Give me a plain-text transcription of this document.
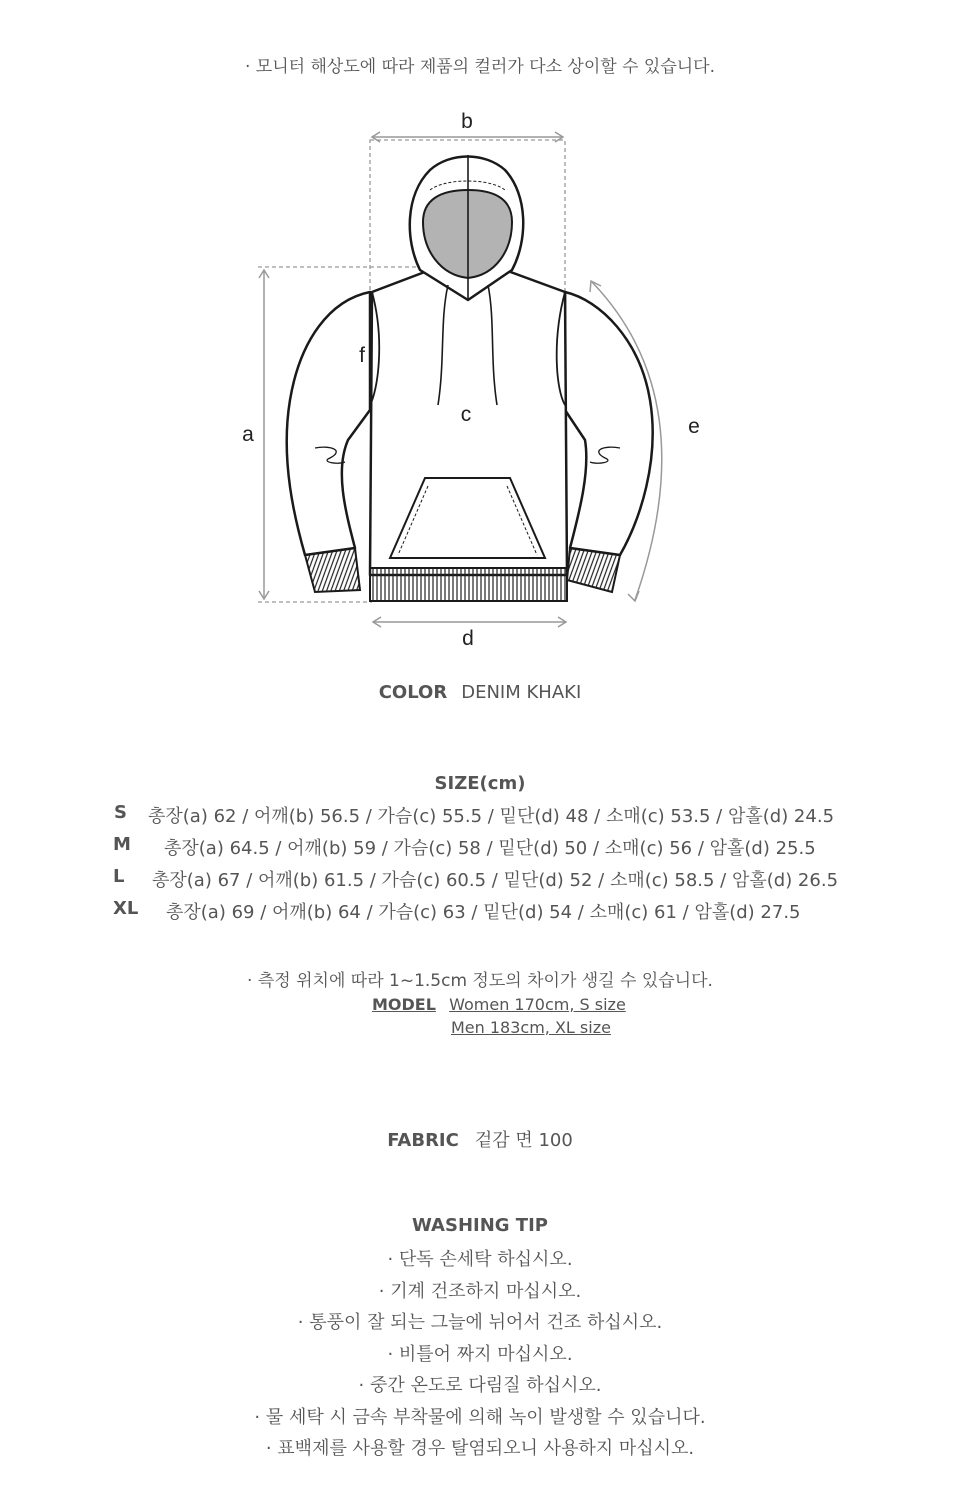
· 모니터 해상도에 따라 제품의 컬러가 다소 상이할 수 있습니다.
b
a
f
c
e
d
COLOR DENIM KHAKI
SIZE(cm)
S 총장(a) 62 / 어깨(b) 56.5 / 가슴(c) 55.5 / 밑단(d) 48 / 소매(c) 53.5 / 암홀(d) 24.5
M 총장(a) 64.5 / 어깨(b) 59 / 가슴(c) 58 / 밑단(d) 50 / 소매(c) 56 / 암홀(d) 25.5
L 총장(a) 67 / 어깨(b) 61.5 / 가슴(c) 60.5 / 밑단(d) 52 / 소매(c) 58.5 / 암홀(d) 26.5
XL 총장(a) 69 / 어깨(b) 64 / 가슴(c) 63 / 밑단(d) 54 / 소매(c) 61 / 암홀(d) 27.5
· 측정 위치에 따라 1~1.5cm 정도의 차이가 생길 수 있습니다.
MODEL Women 170cm, S size
Men 183cm, XL size
FABRIC 겉감 면 100
WASHING TIP
· 단독 손세탁 하십시오.
· 기계 건조하지 마십시오.
· 통풍이 잘 되는 그늘에 뉘어서 건조 하십시오.
· 비틀어 짜지 마십시오.
· 중간 온도로 다림질 하십시오.
· 물 세탁 시 금속 부착물에 의해 녹이 발생할 수 있습니다.
· 표백제를 사용할 경우 탈염되오니 사용하지 마십시오.
